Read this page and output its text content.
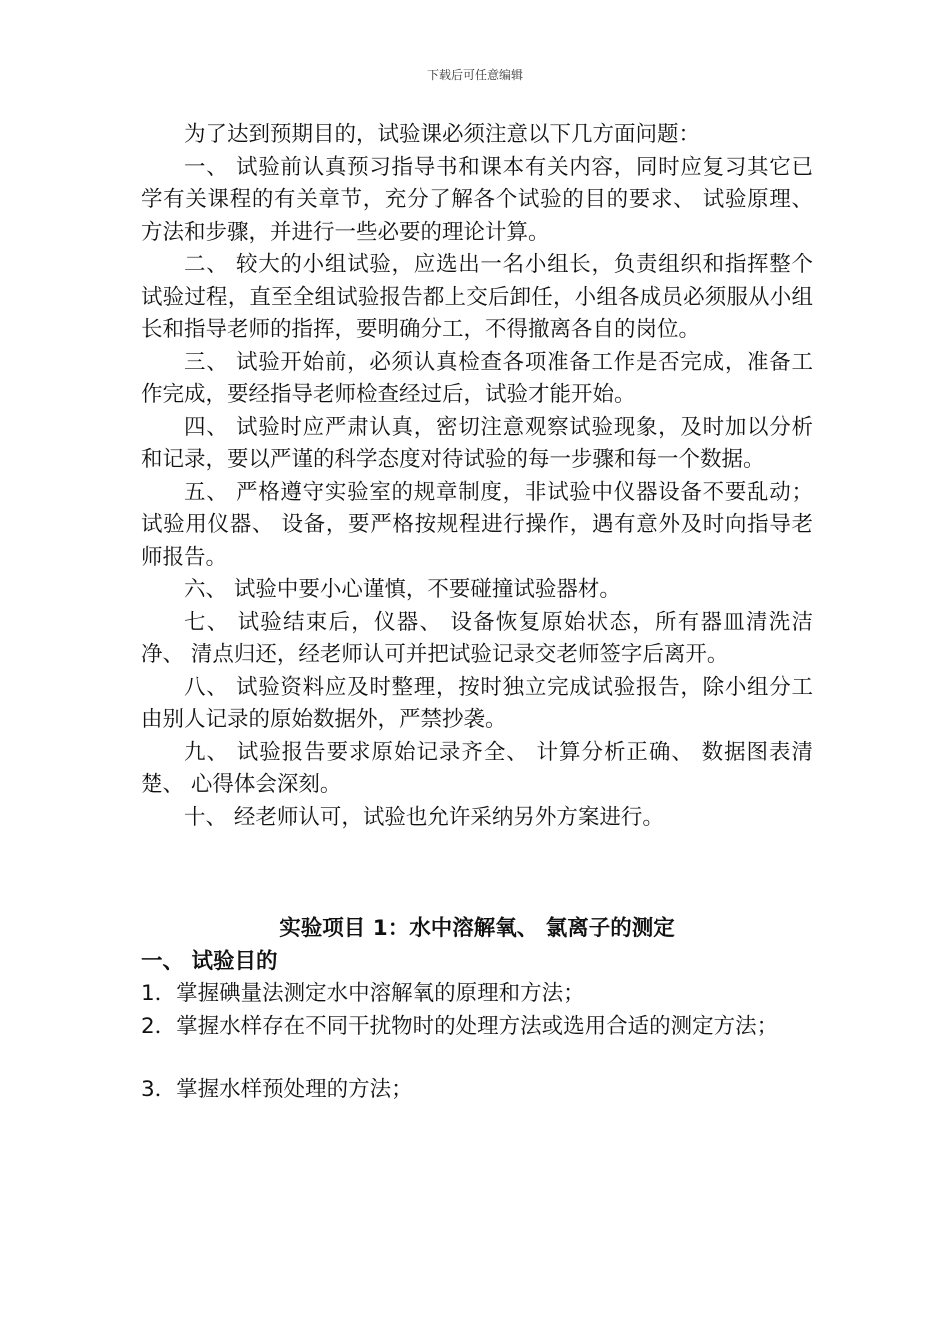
下载后可任意编辑

为了达到预期目的，试验课必须注意以下几方面问题：

一、 试验前认真预习指导书和课本有关内容，同时应复习其它已学有关课程的有关章节，充分了解各个试验的目的要求、 试验原理、 方法和步骤，并进行一些必要的理论计算。

二、 较大的小组试验，应选出一名小组长，负责组织和指挥整个试验过程，直至全组试验报告都上交后卸任，小组各成员必须服从小组长和指导老师的指挥，要明确分工，不得撤离各自的岗位。

三、 试验开始前，必须认真检查各项准备工作是否完成，准备工作完成，要经指导老师检查经过后，试验才能开始。

四、 试验时应严肃认真，密切注意观察试验现象，及时加以分析和记录，要以严谨的科学态度对待试验的每一步骤和每一个数据。

五、 严格遵守实验室的规章制度，非试验中仪器设备不要乱动；试验用仪器、 设备，要严格按规程进行操作，遇有意外及时向指导老师报告。

六、 试验中要小心谨慎，不要碰撞试验器材。

七、 试验结束后，仪器、 设备恢复原始状态，所有器皿清洗洁净、 清点归还，经老师认可并把试验记录交老师签字后离开。

八、 试验资料应及时整理，按时独立完成试验报告，除小组分工由别人记录的原始数据外，严禁抄袭。

九、 试验报告要求原始记录齐全、 计算分析正确、 数据图表清楚、 心得体会深刻。

十、 经老师认可，试验也允许采纳另外方案进行。

实验项目 1：水中溶解氧、 氯离子的测定

一、 试验目的

1．掌握碘量法测定水中溶解氧的原理和方法；

2．掌握水样存在不同干扰物时的处理方法或选用合适的测定方法；

3．掌握水样预处理的方法；
